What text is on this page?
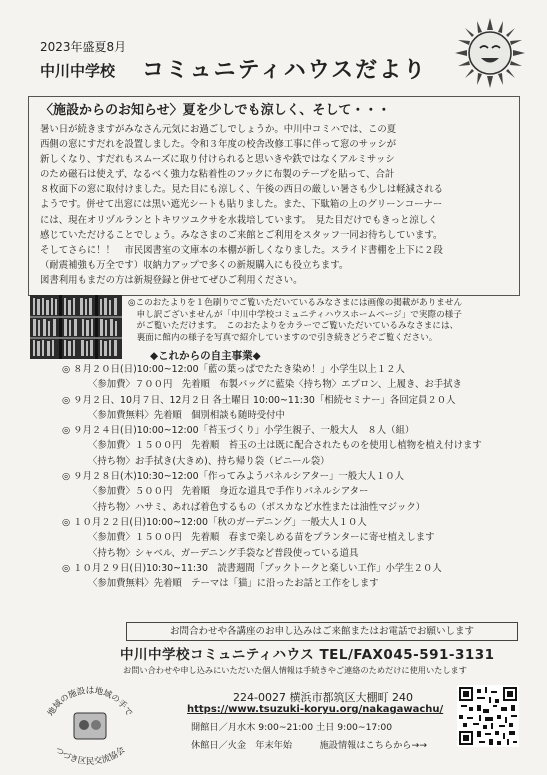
2023年盛夏8月
中川中学校 コミュニティハウスだより
〈施設からのお知らせ〉夏を少しでも涼しく、そして・・・
暑い日が続きますがみなさん元気にお過ごしでしょうか。中川中コミハでは、この夏
西側の窓にすだれを設置しました。令和３年度の校舎改修工事に伴って窓のサッシが
新しくなり、すだれもスムーズに取り付けられると思いきや鉄ではなくアルミサッシ
のため磁石は使えず、なるべく強力な粘着性のフックに布製のテープを貼って、合計
８枚面下の窓に取付けました。見た目にも涼しく、午後の西日の厳しい暑さも少しは軽減される
ようです。併せて出窓には黒い遮光シートも貼りました。また、下駄箱の上のグリーンコーナー
には、現在オリヅルランとトキワツユクサを水栽培しています。　見た目だけでもきっと涼しく
感じていただけることでしょう。みなさまのご来館とご利用をスタッフ一同お待ちしています。
そしてさらに！！　市民図書室の文庫本の本棚が新しくなりました。スライド書棚を上下に２段
（耐震補強も万全です）収納力アップで多くの新規購入にも役立ちます。
図書利用もまだの方は新規登録と併せてぜひご利用ください。
◎このおたよりを１色刷りでご覧いただいているみなさまには画像の掲載がありません
　申し訳ございませんが「中川中学校コミュニティハウスホームページ」で実際の様子
　がご覧いただけます。　このおたよりをカラーでご覧いただいているみなさまには、
　裏面に館内の様子を写真で紹介していますので引き続きどうぞご覧ください。
◆これからの自主事業◆
◎ ８月２０日(日)10:00~12:00「藍の葉っぱでたたき染め！」小学生以上１２人
〈参加費〉７００円　先着順　布製バッグに藍染〈持ち物〉エプロン、上履き、お手拭き
◎ ９月２日、10月７日、12月２日 各土曜日 10:00~11:30「相続セミナー」各回定員２０人
〈参加費無料〉先着順　個別相談も随時受付中
◎ ９月２４日(日)10:00~12:00「苔玉づくり」小学生親子、一般大人　８人（組）
〈参加費〉１５００円　先着順　苔玉の土は既に配合されたものを使用し植物を植え付けます
〈持ち物〉お手拭き(大きめ)、持ち帰り袋（ビニール袋）
◎ ９月２８日(木)10:30~12:00「作ってみようパネルシアター」一般大人１０人
〈参加費〉５００円　先着順　身近な道具で手作りパネルシアター
〈持ち物〉ハサミ、あれば着色するもの（ポスカなど水性または油性マジック）
◎ １０月２２日(日)10:00~12:00「秋のガーデニング」一般大人１０人
〈参加費〉１５００円　先着順　春まで楽しめる苗をプランターに寄せ植えします
〈持ち物〉シャベル、ガーデニング手袋など普段使っている道具
◎ １０月２９日(日)10:30~11:30　読書週間「ブックトークと楽しい工作」小学生２０人
〈参加費無料〉先着順　テーマは「猫」に沿ったお話と工作をします
お問合わせや各講座のお申し込みはご来館またはお電話でお願いします
中川中学校コミュニティハウス TEL/FAX045-591-3131
お問い合わせや申し込みにいただいた個人情報は手続きやご連絡のためだけに使用いたします
地域の施設は地域の手で
つづき区民交流協会
224-0027 横浜市都筑区大棚町 240
https://www.tsuzuki-koryu.org/nakagawachu/
開館日／月水木 9:00~21:00 土日 9:00~17:00
休館日／火金　年末年始　　　施設情報はこちらから→→
